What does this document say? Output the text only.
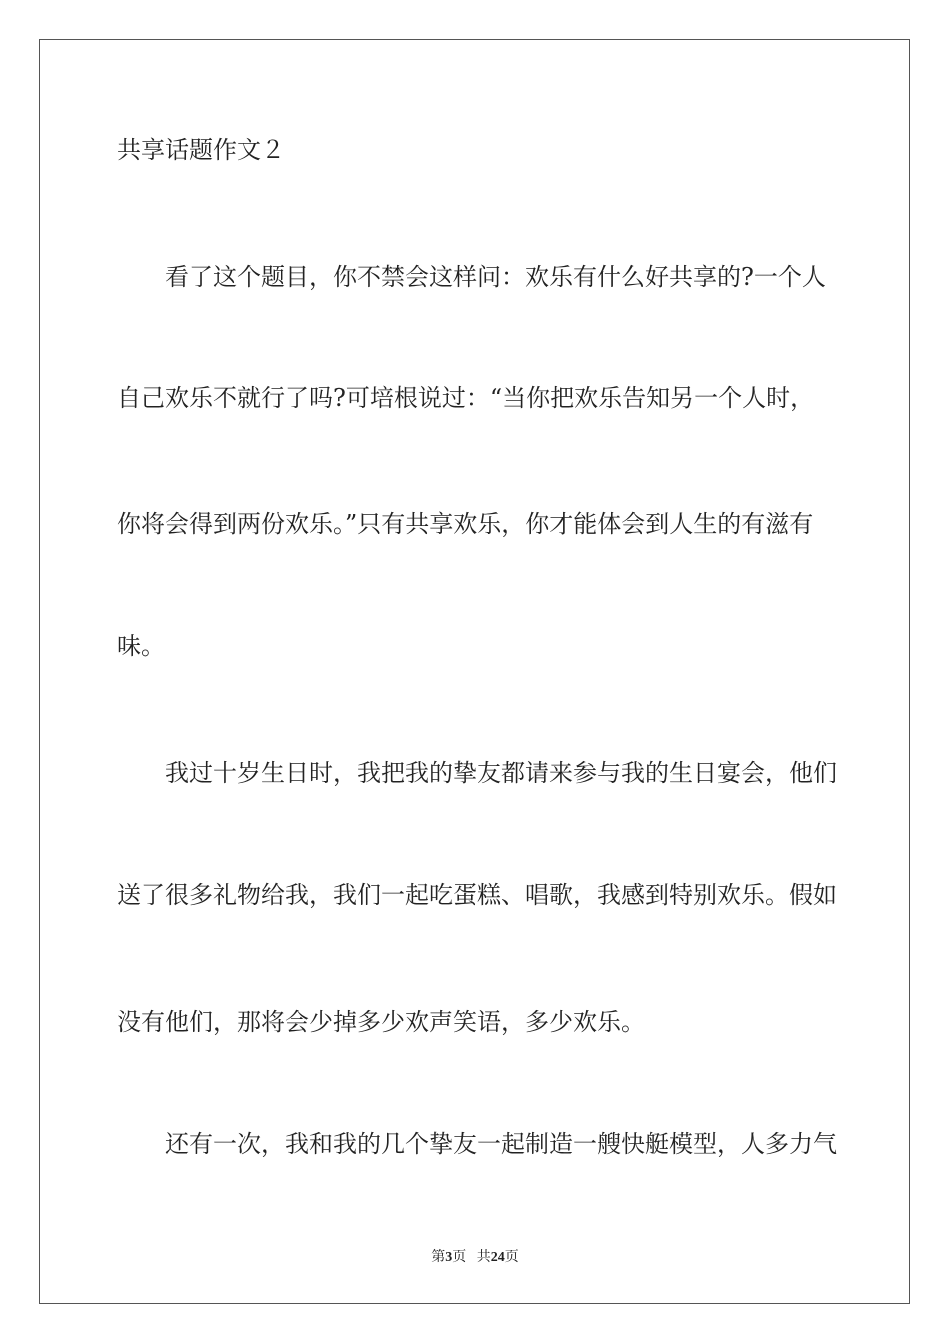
共享话题作文２

看了这个题目，你不禁会这样问：欢乐有什么好共享的?一个人

自己欢乐不就行了吗?可培根说过：“当你把欢乐告知另一个人时，

你将会得到两份欢乐。”只有共享欢乐，你才能体会到人生的有滋有

味。

我过十岁生日时，我把我的挚友都请来参与我的生日宴会，他们

送了很多礼物给我，我们一起吃蛋糕、唱歌，我感到特别欢乐。假如

没有他们，那将会少掉多少欢声笑语，多少欢乐。

还有一次，我和我的几个挚友一起制造一艘快艇模型，人多力气

第3页 共24页
